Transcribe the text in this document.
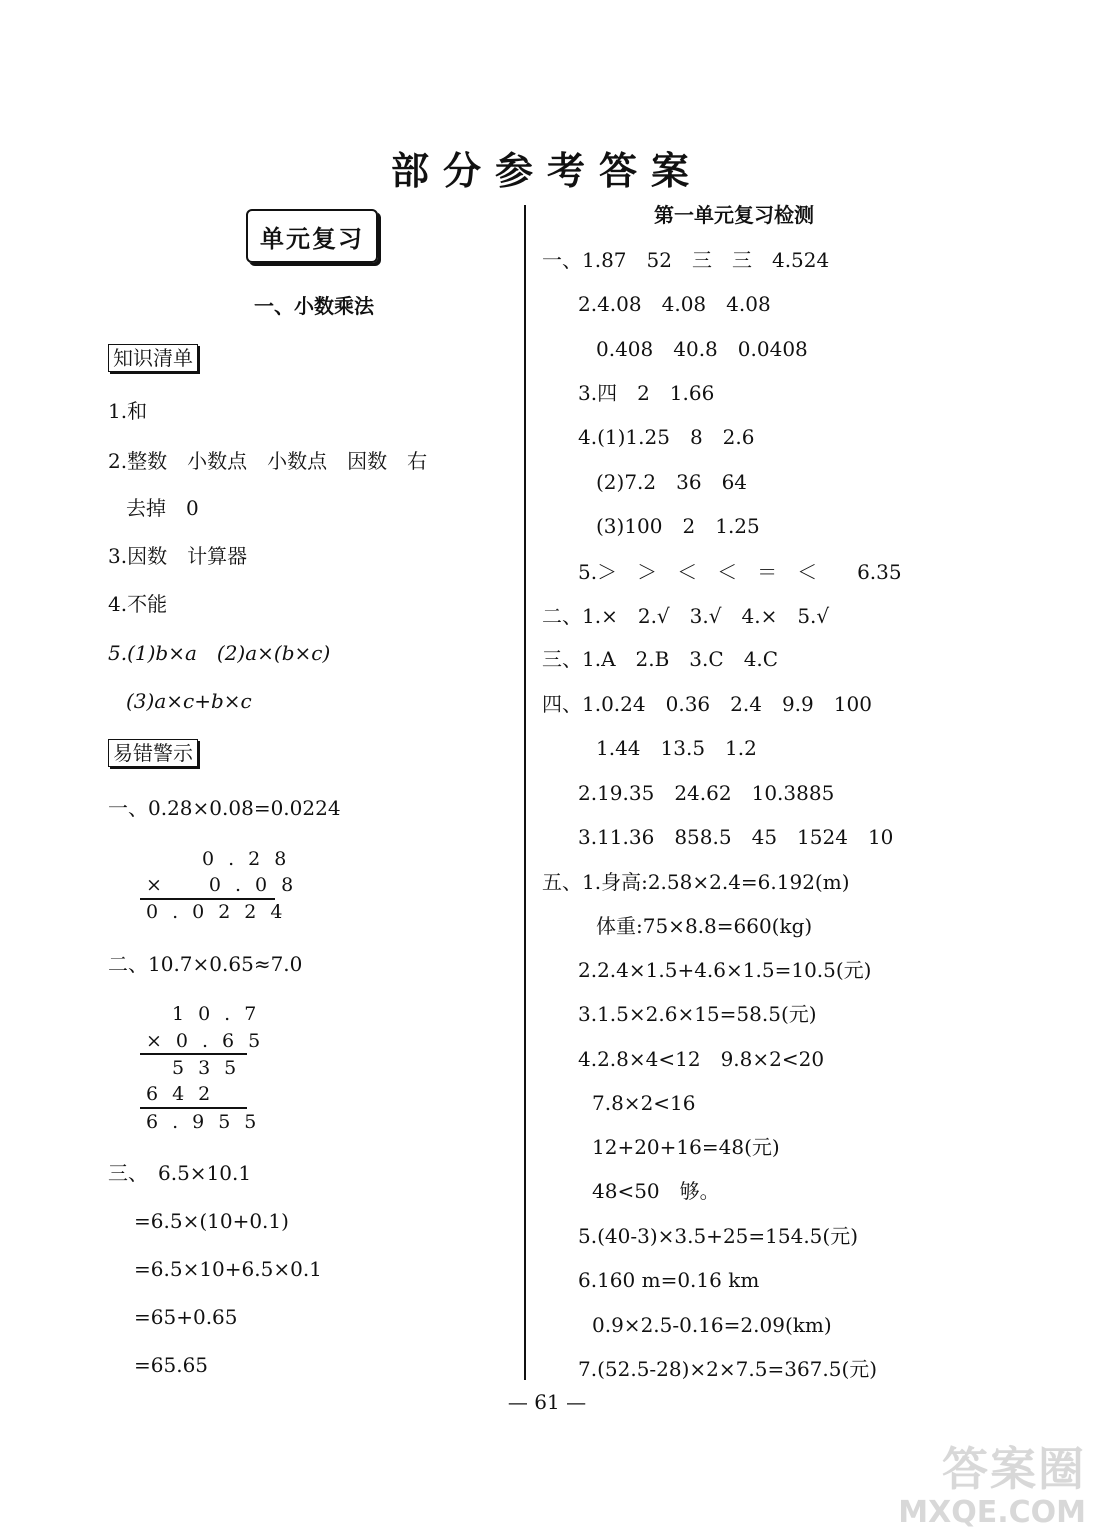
部分参考答案
单元复习
一、小数乘法
知识清单
1.和
2.整数　小数点　小数点　因数　右
去掉　0
3.因数　计算器
4.不能
5.(1)b×a　(2)a×(b×c)
(3)a×c+b×c
易错警示
一、0.28×0.08=0.0224
0.28
×　0.08
0.0224
二、10.7×0.65≈7.0
10.7
×0.65
535
642
6.955
三、　6.5×10.1
=6.5×(10+0.1)
=6.5×10+6.5×0.1
=65+0.65
=65.65
第一单元复习检测
一、1.87　52　三　三　4.524
2.4.08　4.08　4.08
0.408　40.8　0.0408
3.四　2　1.66
4.(1)1.25　8　2.6
(2)7.2　36　64
(3)100　2　1.25
5.＞　＞　＜　＜　＝　＜　　6.35
二、1.×　2.√　3.√　4.×　5.√
三、1.A　2.B　3.C　4.C
四、1.0.24　0.36　2.4　9.9　100
1.44　13.5　1.2
2.19.35　24.62　10.3885
3.11.36　858.5　45　1524　10
五、1.身高:2.58×2.4=6.192(m)
体重:75×8.8=660(kg)
2.2.4×1.5+4.6×1.5=10.5(元)
3.1.5×2.6×15=58.5(元)
4.2.8×4<12　9.8×2<20
7.8×2<16
12+20+16=48(元)
48<50　够。
5.(40-3)×3.5+25=154.5(元)
6.160 m=0.16 km
0.9×2.5-0.16=2.09(km)
7.(52.5-28)×2×7.5=367.5(元)
— 61 —
答案圈
MXQE.COM
